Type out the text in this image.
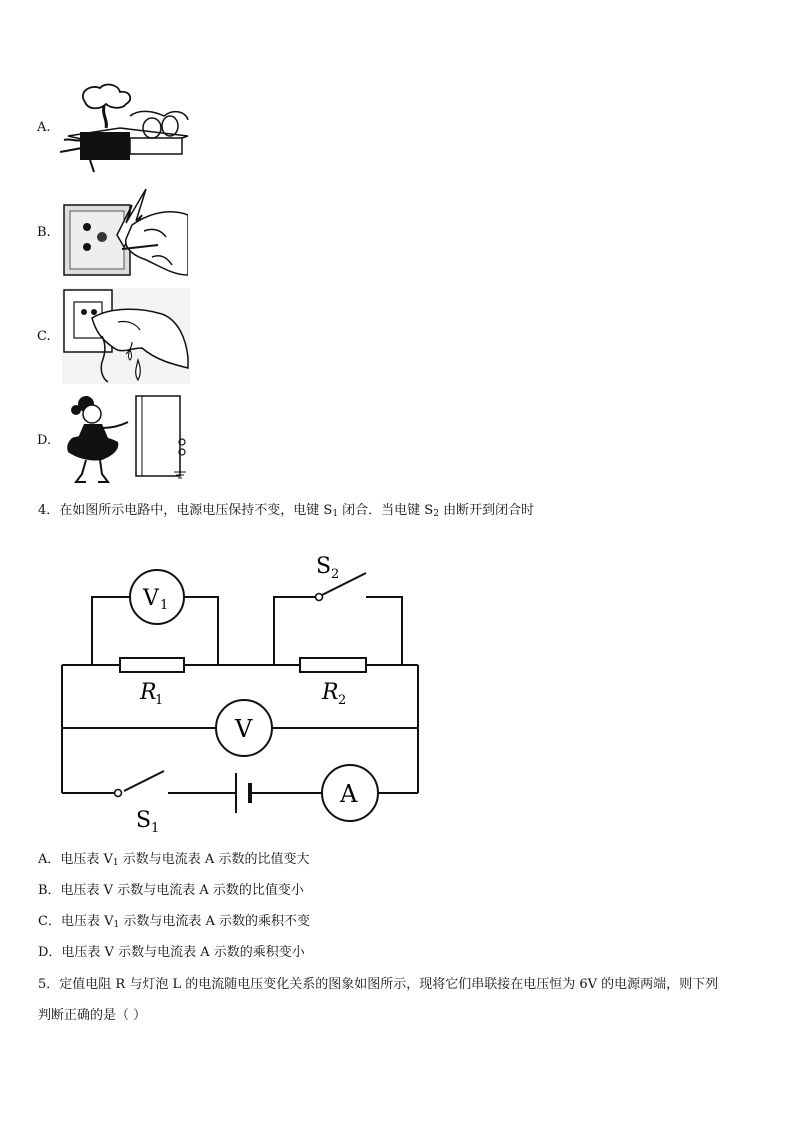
A.
B.
C.
D.
4．在如图所示电路中，电源电压保持不变，电键 $S_1$ 闭合．当电键 $S_2$ 由断开到闭合时
V 1
V
A
R
1	R 2
S 2
S 1
A．电压表 $V_1$ 示数与电流表 A 示数的比值变大
B．电压表 V 示数与电流表 A 示数的比值变小
C．电压表 $V_1$ 示数与电流表 A 示数的乘积不变
D．电压表 V 示数与电流表 A 示数的乘积变小
5．定值电阻 R 与灯泡 L 的电流随电压变化关系的图象如图所示，现将它们串联接在电压恒为 6V 的电源两端，则下列
判断正确的是（ ）
